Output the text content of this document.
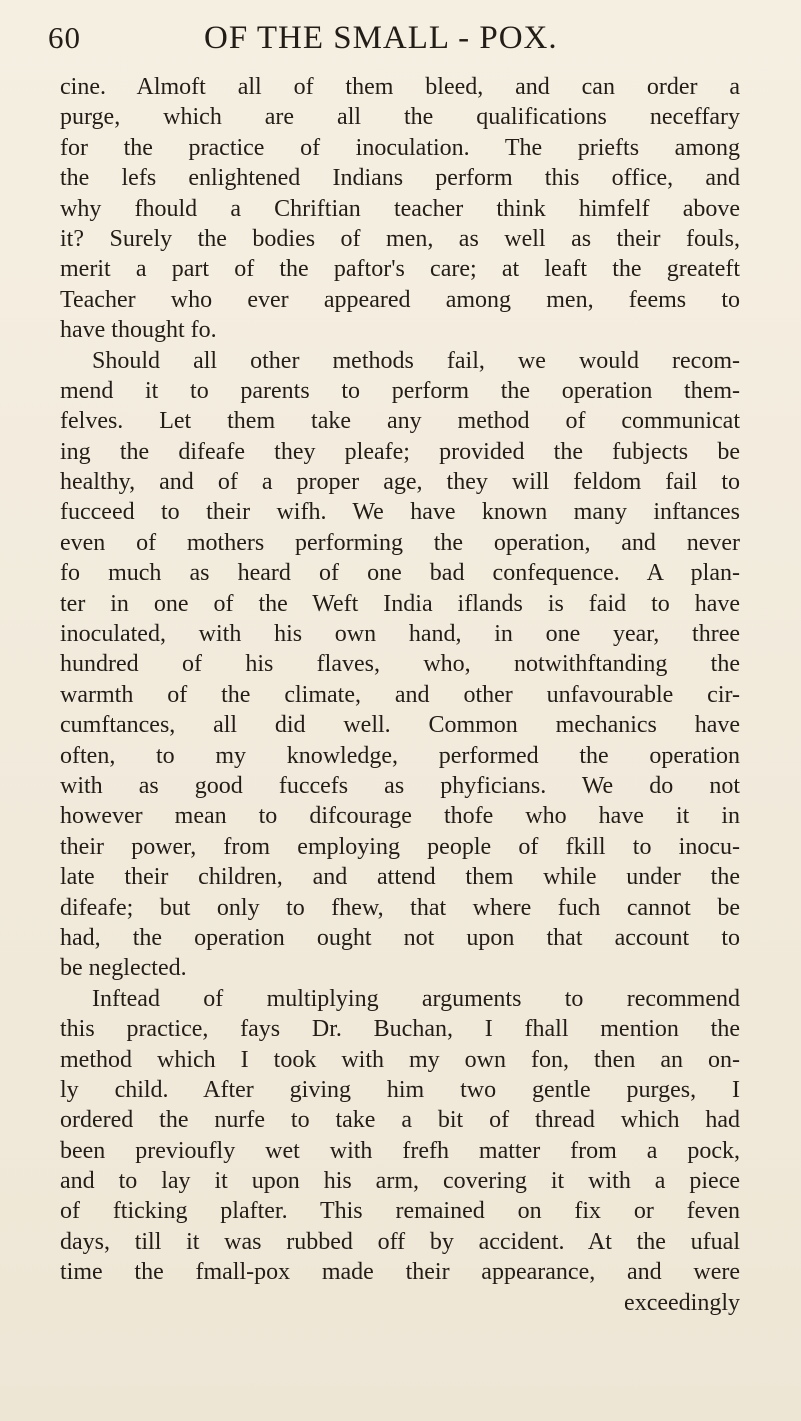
60	OF THE SMALL - POX.
cine. Almoft all of them bleed, and can order a
purge, which are all the qualifications neceffary
for the practice of inoculation. The priefts among
the lefs enlightened Indians perform this office, and
why fhould a Chriftian teacher think himfelf above
it? Surely the bodies of men, as well as their fouls,
merit a part of the paftor's care; at leaft the greateft
Teacher who ever appeared among men, feems to
have thought fo.
Should all other methods fail, we would recom-
mend it to parents to perform the operation them-
felves. Let them take any method of communicat
ing the difeafe they pleafe; provided the fubjects be
healthy, and of a proper age, they will feldom fail to
fucceed to their wifh. We have known many inftances
even of mothers performing the operation, and never
fo much as heard of one bad confequence. A plan-
ter in one of the Weft India iflands is faid to have
inoculated, with his own hand, in one year, three
hundred of his flaves, who, notwithftanding the
warmth of the climate, and other unfavourable cir-
cumftances, all did well. Common mechanics have
often, to my knowledge, performed the operation
with as good fuccefs as phyficians. We do not
however mean to difcourage thofe who have it in
their power, from employing people of fkill to inocu-
late their children, and attend them while under the
difeafe; but only to fhew, that where fuch cannot be
had, the operation ought not upon that account to
be neglected.
Inftead of multiplying arguments to recommend
this practice, fays Dr. Buchan, I fhall mention the
method which I took with my own fon, then an on-
ly child. After giving him two gentle purges, I
ordered the nurfe to take a bit of thread which had
been previoufly wet with frefh matter from a pock,
and to lay it upon his arm, covering it with a piece
of fticking plafter. This remained on fix or feven
days, till it was rubbed off by accident. At the ufual
time the fmall-pox made their appearance, and were
exceedingly
